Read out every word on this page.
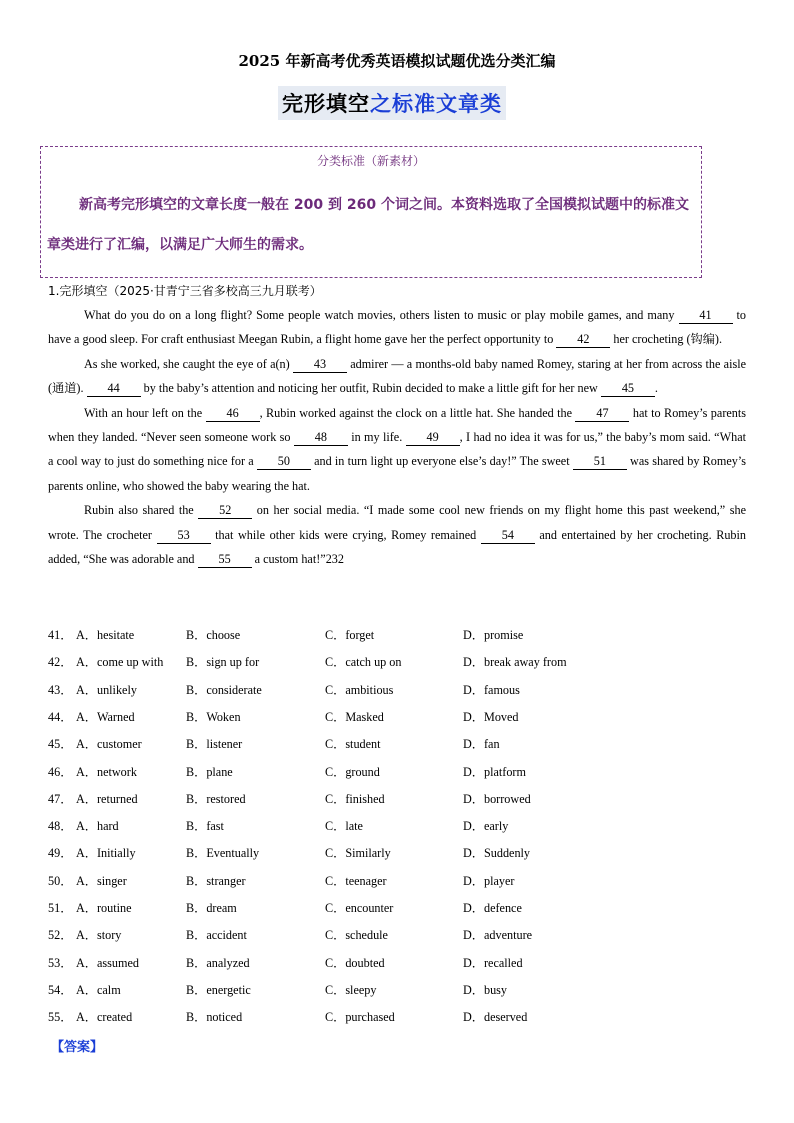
2025 年新高考优秀英语模拟试题优选分类汇编
完形填空之标准文章类
分类标准（新素材）
新高考完形填空的文章长度一般在 200 到 260 个词之间。本资料选取了全国模拟试题中的标准文章类进行了汇编，以满足广大师生的需求。
1.完形填空（2025·甘青宁三省多校高三九月联考）

What do you do on a long flight? Some people watch movies, others listen to music or play mobile games, and many 41 to have a good sleep. For craft enthusiast Meegan Rubin, a flight home gave her the perfect opportunity to 42 her crocheting (钩编).

As she worked, she caught the eye of a(n) 43 admirer — a months-old baby named Romey, staring at her from across the aisle (通道). 44 by the baby’s attention and noticing her outfit, Rubin decided to make a little gift for her new 45 .

With an hour left on the 46 , Rubin worked against the clock on a little hat. She handed the 47 hat to Romey’s parents when they landed. “Never seen someone work so 48 in my life. 49 , I had no idea it was for us,” the baby’s mom said. “What a cool way to just do something nice for a 50 and in turn light up everyone else’s day!” The sweet 51 was shared by Romey’s parents online, who showed the baby wearing the hat.

Rubin also shared the 52 on her social media. “I made some cool new friends on my flight home this past weekend,” she wrote. The crocheter 53 that while other kids were crying, Romey remained 54 and entertained by her crocheting. Rubin added, “She was adorable and 55 a custom hat!”232

41． A．hesitate	B．choose	C．forget	D．promise
42． A．come up with B．sign up for	C．catch up on	D．break away from
43． A．unlikely	B．considerate	C．ambitious	D．famous
44． A．Warned	B．Woken	C．Masked	D．Moved
45． A．customer	B．listener	C．student	D．fan
46． A．network	B．plane	C．ground	D．platform
47． A．returned	B．restored	C．finished	D．borrowed
48． A．hard	B．fast	C．late	D．early
49． A．Initially	B．Eventually	C．Similarly	D．Suddenly
50． A．singer	B．stranger	C．teenager	D．player
51． A．routine	B．dream	C．encounter	D．defence
52． A．story	B．accident	C．schedule	D．adventure
53． A．assumed	B．analyzed	C．doubted	D．recalled
54． A．calm	B．energetic	C．sleepy	D．busy
55． A．created	B．noticed	C．purchased	D．deserved
【答案】
